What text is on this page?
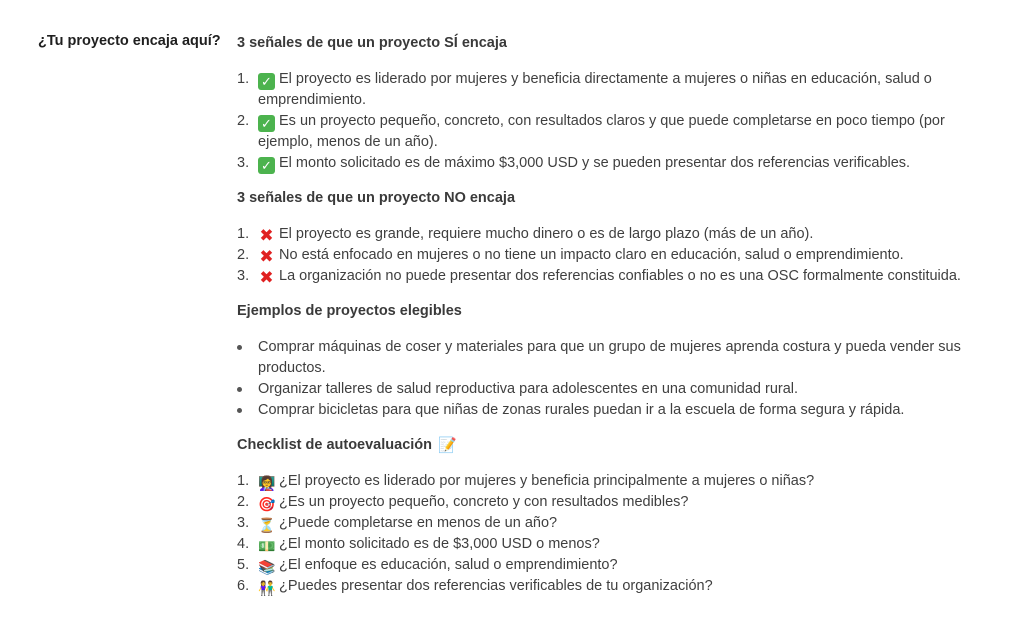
¿Tu proyecto encaja aquí? 3 señales de que un proyecto SÍ encaja
1. ✓ El proyecto es liderado por mujeres y beneficia directamente a mujeres o niñas en educación, salud o emprendimiento.
2. ✓ Es un proyecto pequeño, concreto, con resultados claros y que puede completarse en poco tiempo (por ejemplo, menos de un año).
3. ✓ El monto solicitado es de máximo $3,000 USD y se pueden presentar dos referencias verificables.
3 señales de que un proyecto NO encaja
1. ✖ El proyecto es grande, requiere mucho dinero o es de largo plazo (más de un año).
2. ✖ No está enfocado en mujeres o no tiene un impacto claro en educación, salud o emprendimiento.
3. ✖ La organización no puede presentar dos referencias confiables o no es una OSC formalmente constituida.
Ejemplos de proyectos elegibles
Comprar máquinas de coser y materiales para que un grupo de mujeres aprenda costura y pueda vender sus productos.
Organizar talleres de salud reproductiva para adolescentes en una comunidad rural.
Comprar bicicletas para que niñas de zonas rurales puedan ir a la escuela de forma segura y rápida.
Checklist de autoevaluación 📝
1. 👩‍🏫 ¿El proyecto es liderado por mujeres y beneficia principalmente a mujeres o niñas?
2. 🎯 ¿Es un proyecto pequeño, concreto y con resultados medibles?
3. ⏳ ¿Puede completarse en menos de un año?
4. 💵 ¿El monto solicitado es de $3,000 USD o menos?
5. 📚 ¿El enfoque es educación, salud o emprendimiento?
6. 👫 ¿Puedes presentar dos referencias verificables de tu organización?
